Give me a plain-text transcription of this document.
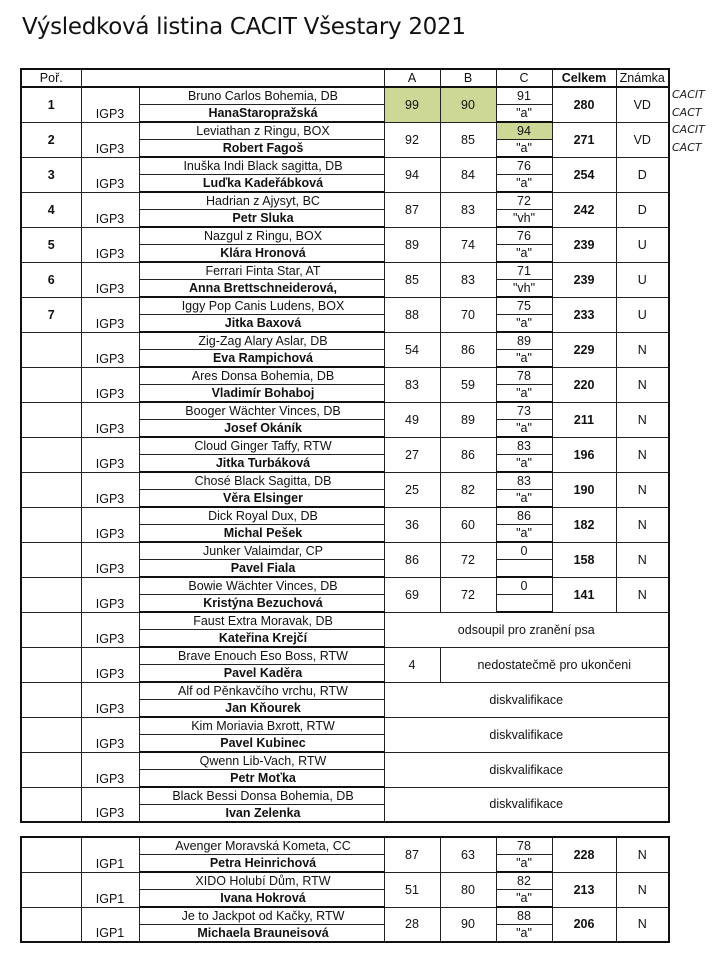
Výsledková listina CACIT Všestary 2021
Poř.			A	B	C	Celkem	Známka
1	IGP3	Bruno Carlos Bohemia, DB	99	90	91	280	VD
		HanaStaropražská			"a"		
2	IGP3	Leviathan z Ringu, BOX	92	85	94	271	VD
		Robert Fagoš			"a"		
3	IGP3	Inuška Indi Black sagitta, DB	94	84	76	254	D
		Luďka Kadeřábková			"a"		
4	IGP3	Hadrian z Ajysyt, BC	87	83	72	242	D
		Petr Sluka			"vh"		
5	IGP3	Nazgul z Ringu, BOX	89	74	76	239	U
		Klára Hronová			"a"		
6	IGP3	Ferrari Finta Star, AT	85	83	71	239	U
		Anna Brettschneiderová,			"vh"		
7	IGP3	Iggy Pop Canis Ludens, BOX	88	70	75	233	U
		Jitka Baxová			"a"		
	IGP3	Zig-Zag Alary Aslar, DB	54	86	89	229	N
		Eva Rampichová			"a"		
	IGP3	Ares Donsa Bohemia, DB	83	59	78	220	N
		Vladimír Bohaboj			"a"		
	IGP3	Booger Wächter Vinces, DB	49	89	73	211	N
		Josef Okáník			"a"		
	IGP3	Cloud Ginger Taffy, RTW	27	86	83	196	N
		Jitka Turbáková			"a"		
	IGP3	Chosé Black Sagitta, DB	25	82	83	190	N
		Věra Elsinger			"a"		
	IGP3	Dick Royal Dux, DB	36	60	86	182	N
		Michal Pešek			"a"		
	IGP3	Junker Valaimdar, CP	86	72	0	158	N
		Pavel Fiala					
	IGP3	Bowie Wächter Vinces, DB	69	72	0	141	N
		Kristýna Bezuchová					
	IGP3	Faust Extra Moravak, DB	odsoupil pro zranění psa				
		Kateřina Krejčí					
	IGP3	Brave Enouch Eso Boss, RTW	4	nedostatečmě pro ukončeni			
		Pavel Kaděra					
	IGP3	Alf od Pěnkavčího vrchu, RTW	diskvalifikace				
		Jan Kňourek					
	IGP3	Kim Moriavia Bxrott, RTW	diskvalifikace				
		Pavel Kubinec					
	IGP3	Qwenn Lib-Vach, RTW	diskvalifikace				
		Petr Moťka					
	IGP3	Black Bessi Donsa Bohemia, DB	diskvalifikace				
		Ivan Zelenka					
	IGP1	Avenger Moravská Kometa, CC	87	63	78	228	N
		Petra Heinrichová			"a"		
	IGP1	XIDO Holubí Dům, RTW	51	80	82	213	N
		Ivana Hokrová			"a"		
	IGP1	Je to Jackpot od Kačky, RTW	28	90	88	206	N
		Michaela Brauneisová			"a"		
CACIT
CACT
CACIT
CACT
